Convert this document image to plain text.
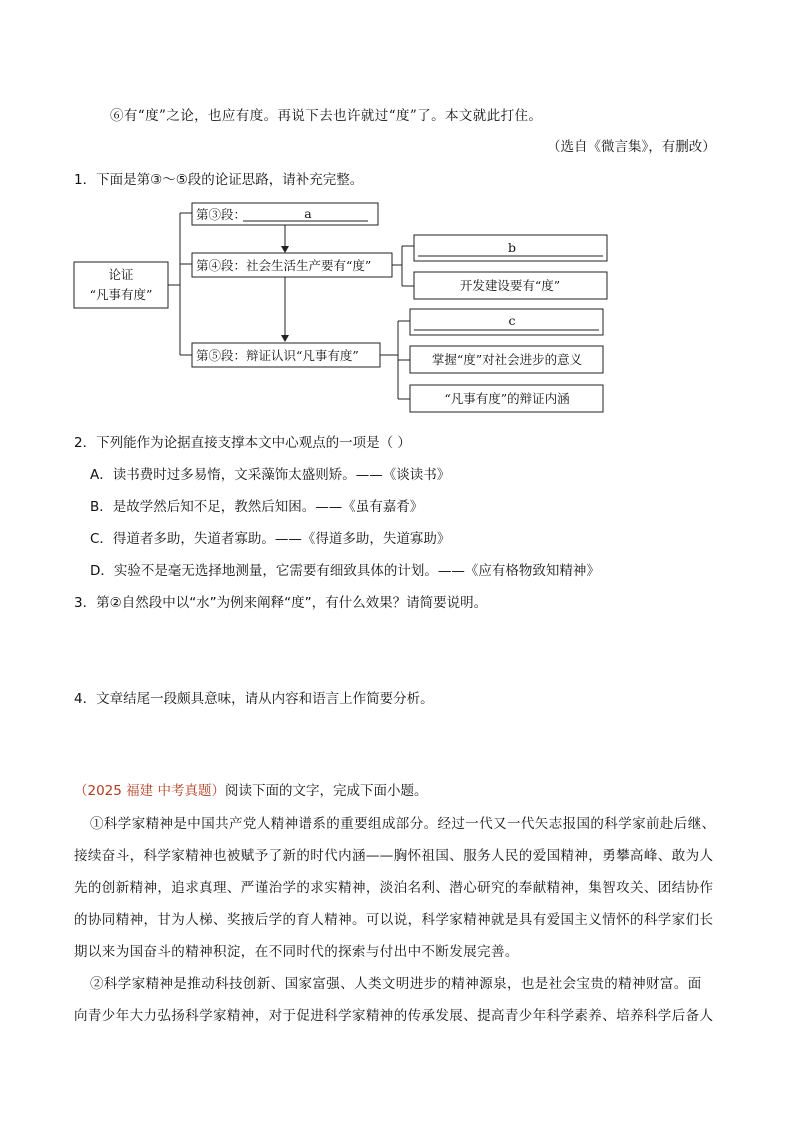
⑥有“度”之论，也应有度。再说下去也许就过“度”了。本文就此打住。
（选自《微言集》，有删改）
1．下面是第③～⑤段的论证思路，请补充完整。
论证
“凡事有度”
第③段：	a
第④段：社会生活生产要有“度”
b
开发建设要有“度”
第⑤段：辩证认识“凡事有度”
c
掌握“度”对社会进步的意义
“凡事有度”的辩证内涵
2．下列能作为论据直接支撑本文中心观点的一项是（ ）
A．读书费时过多易惰，文采藻饰太盛则矫。——《谈读书》
B．是故学然后知不足，教然后知困。——《虽有嘉肴》
C．得道者多助，失道者寡助。——《得道多助，失道寡助》
D．实验不是毫无选择地测量，它需要有细致具体的计划。——《应有格物致知精神》
3．第②自然段中以“水”为例来阐释“度”，有什么效果？请简要说明。
4．文章结尾一段颇具意味，请从内容和语言上作简要分析。
（2025 福建 中考真题）阅读下面的文字，完成下面小题。
①科学家精神是中国共产党人精神谱系的重要组成部分。经过一代又一代矢志报国的科学家前赴后继、
接续奋斗，科学家精神也被赋予了新的时代内涵——胸怀祖国、服务人民的爱国精神，勇攀高峰、敢为人
先的创新精神，追求真理、严谨治学的求实精神，淡泊名利、潜心研究的奉献精神，集智攻关、团结协作
的协同精神，甘为人梯、奖掖后学的育人精神。可以说，科学家精神就是具有爱国主义情怀的科学家们长
期以来为国奋斗的精神积淀，在不同时代的探索与付出中不断发展完善。
②科学家精神是推动科技创新、国家富强、人类文明进步的精神源泉，也是社会宝贵的精神财富。面
向青少年大力弘扬科学家精神，对于促进科学家精神的传承发展、提高青少年科学素养、培养科学后备人
